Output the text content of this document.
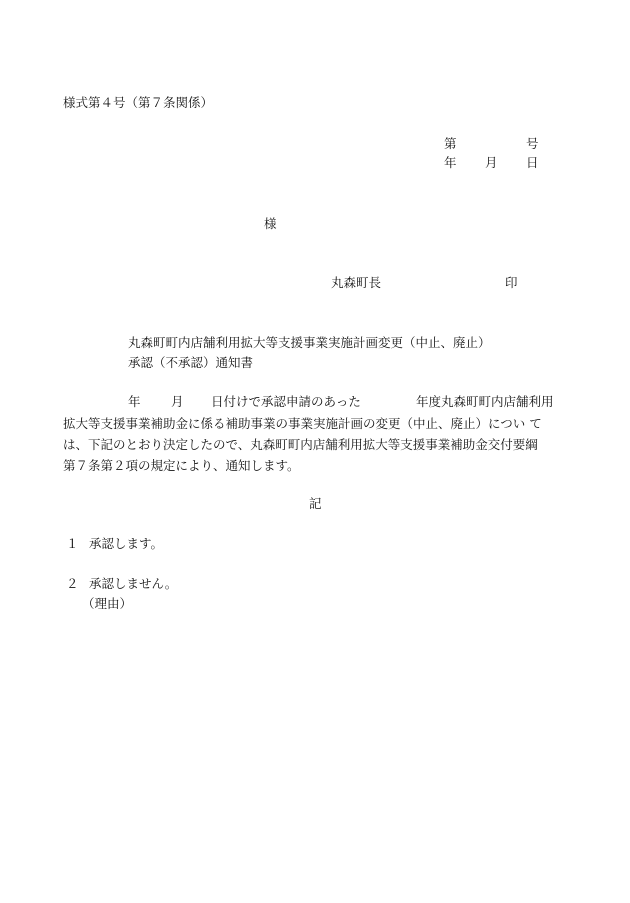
様式第４号（第７条関係）
第	号
年 月 日
様
丸森町長	印
丸森町町内店舗利用拡大等支援事業実施計画変更（中止、廃止）
承認（不承認）通知書
年 月 日付けで承認申請のあった	年度丸森町町内店舗利用
拡大等支援事業補助金に係る補助事業の事業実施計画の変更（中止、廃止）につい て
は、下記のとおり決定したので、丸森町町内店舗利用拡大等支援事業補助金交付要綱
第７条第２項の規定により、通知します。
記
１ 承認します。
２ 承認しません。
（理由）
